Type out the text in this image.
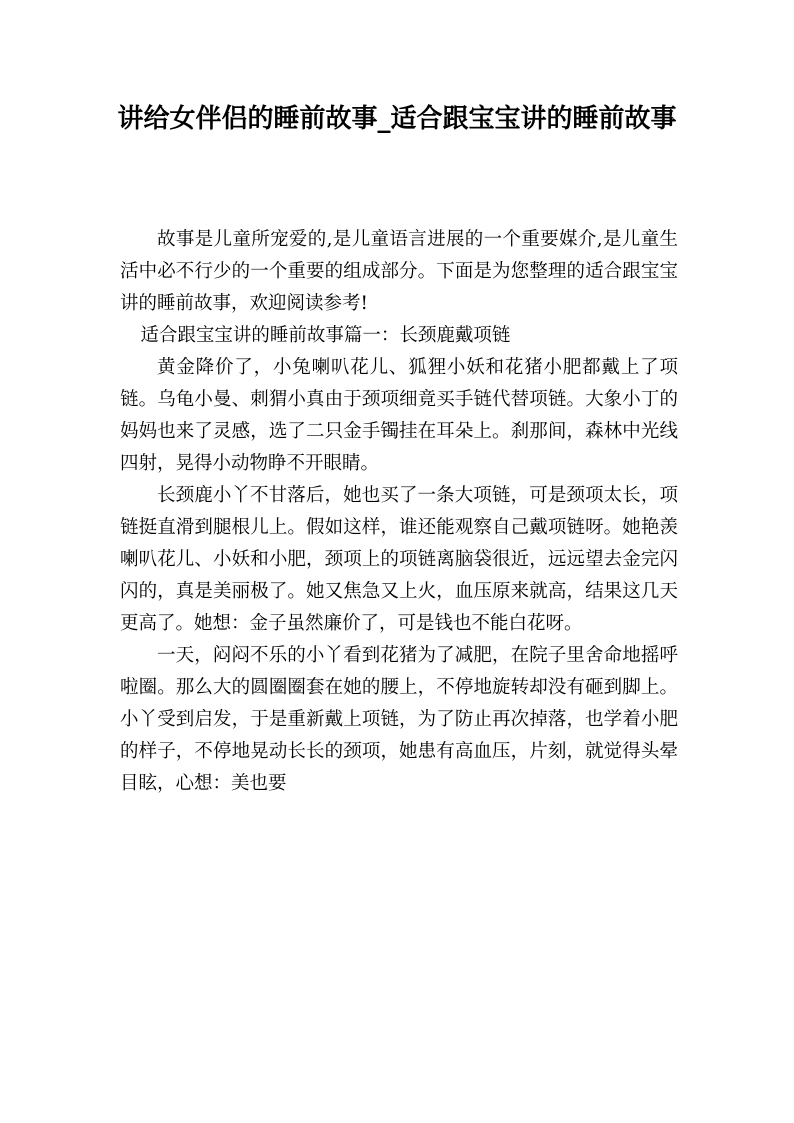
讲给女伴侣的睡前故事_适合跟宝宝讲的睡前故事

故事是儿童所宠爱的,是儿童语言进展的一个重要媒介,是儿童生活中必不行少的一个重要的组成部分。下面是为您整理的适合跟宝宝讲的睡前故事，欢迎阅读参考!

适合跟宝宝讲的睡前故事篇一：长颈鹿戴项链

黄金降价了，小兔喇叭花儿、狐狸小妖和花猪小肥都戴上了项链。乌龟小曼、刺猬小真由于颈项细竟买手链代替项链。大象小丁的妈妈也来了灵感，选了二只金手镯挂在耳朵上。刹那间，森林中光线四射，晃得小动物睁不开眼睛。

长颈鹿小丫不甘落后，她也买了一条大项链，可是颈项太长，项链挺直滑到腿根儿上。假如这样，谁还能观察自己戴项链呀。她艳羡喇叭花儿、小妖和小肥，颈项上的项链离脑袋很近，远远望去金完闪闪的，真是美丽极了。她又焦急又上火，血压原来就高，结果这几天更高了。她想：金子虽然廉价了，可是钱也不能白花呀。

一天，闷闷不乐的小丫看到花猪为了减肥，在院子里舍命地摇呼啦圈。那么大的圆圈圈套在她的腰上，不停地旋转却没有砸到脚上。小丫受到启发，于是重新戴上项链，为了防止再次掉落，也学着小肥的样子，不停地晃动长长的颈项，她患有高血压，片刻，就觉得头晕目眩，心想：美也要
